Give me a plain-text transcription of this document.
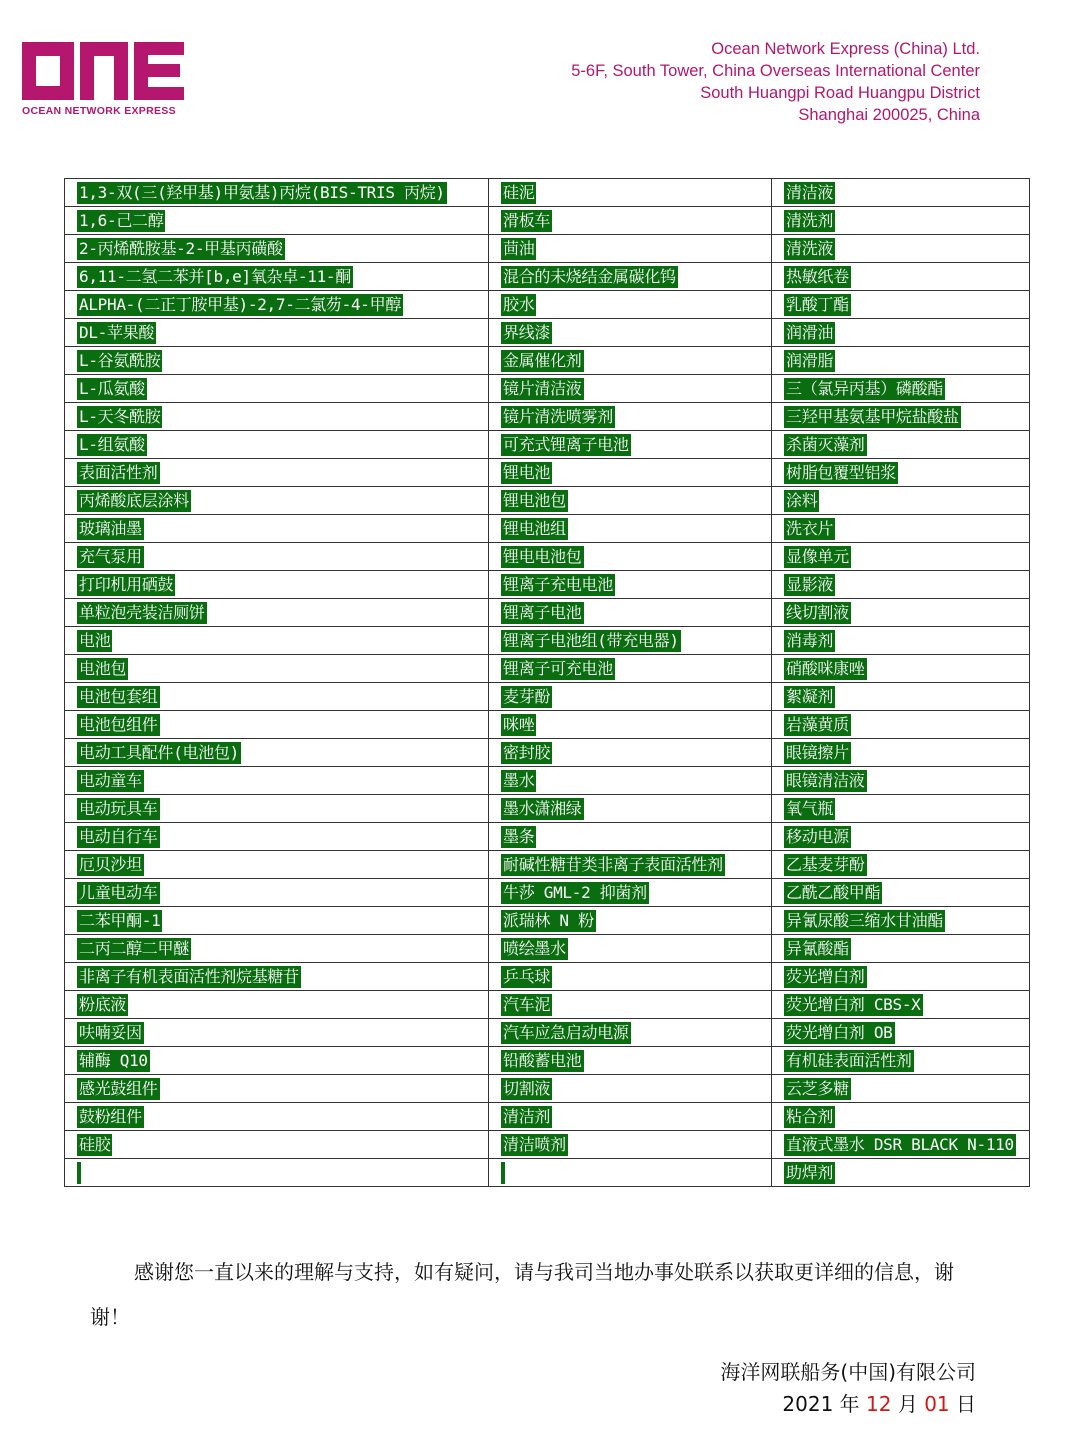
OCEAN NETWORK EXPRESS
Ocean Network Express (China) Ltd.
5-6F, South Tower, China Overseas International Center
South Huangpi Road Huangpu District
Shanghai 200025, China
1,3-双(三(羟甲基)甲氨基)丙烷(BIS-TRIS 丙烷)	硅泥	清洁液
1,6-己二醇	滑板车	清洗剂
2-丙烯酰胺基-2-甲基丙磺酸	茴油	清洗液
6,11-二氢二苯并[b,e]氧杂卓-11-酮	混合的未烧结金属碳化钨	热敏纸卷
ALPHA-(二正丁胺甲基)-2,7-二氯芴-4-甲醇	胶水	乳酸丁酯
DL-苹果酸	界线漆	润滑油
L-谷氨酰胺	金属催化剂	润滑脂
L-瓜氨酸	镜片清洁液	三（氯异丙基）磷酸酯
L-天冬酰胺	镜片清洗喷雾剂	三羟甲基氨基甲烷盐酸盐
L-组氨酸	可充式锂离子电池	杀菌灭藻剂
表面活性剂	锂电池	树脂包覆型铝浆
丙烯酸底层涂料	锂电池包	涂料
玻璃油墨	锂电池组	洗衣片
充气泵用	锂电电池包	显像单元
打印机用硒鼓	锂离子充电电池	显影液
单粒泡壳装洁厕饼	锂离子电池	线切割液
电池	锂离子电池组(带充电器)	消毒剂
电池包	锂离子可充电池	硝酸咪康唑
电池包套组	麦芽酚	絮凝剂
电池包组件	咪唑	岩藻黄质
电动工具配件(电池包)	密封胶	眼镜擦片
电动童车	墨水	眼镜清洁液
电动玩具车	墨水潇湘绿	氧气瓶
电动自行车	墨条	移动电源
厄贝沙坦	耐碱性糖苷类非离子表面活性剂	乙基麦芽酚
儿童电动车	牛莎 GML-2 抑菌剂	乙酰乙酸甲酯
二苯甲酮-1	派瑞林 N 粉	异氰尿酸三缩水甘油酯
二丙二醇二甲醚	喷绘墨水	异氰酸酯
非离子有机表面活性剂烷基糖苷	乒乓球	荧光增白剂
粉底液	汽车泥	荧光增白剂 CBS-X
呋喃妥因	汽车应急启动电源	荧光增白剂 OB
辅酶 Q10	铅酸蓄电池	有机硅表面活性剂
感光鼓组件	切割液	云芝多糖
鼓粉组件	清洁剂	粘合剂
硅胶	清洁喷剂	直液式墨水 DSR BLACK N-110
		助焊剂
感谢您一直以来的理解与支持，如有疑问，请与我司当地办事处联系以获取更详细的信息，谢谢！
海洋网联船务(中国)有限公司
2021 年 12 月 01 日
